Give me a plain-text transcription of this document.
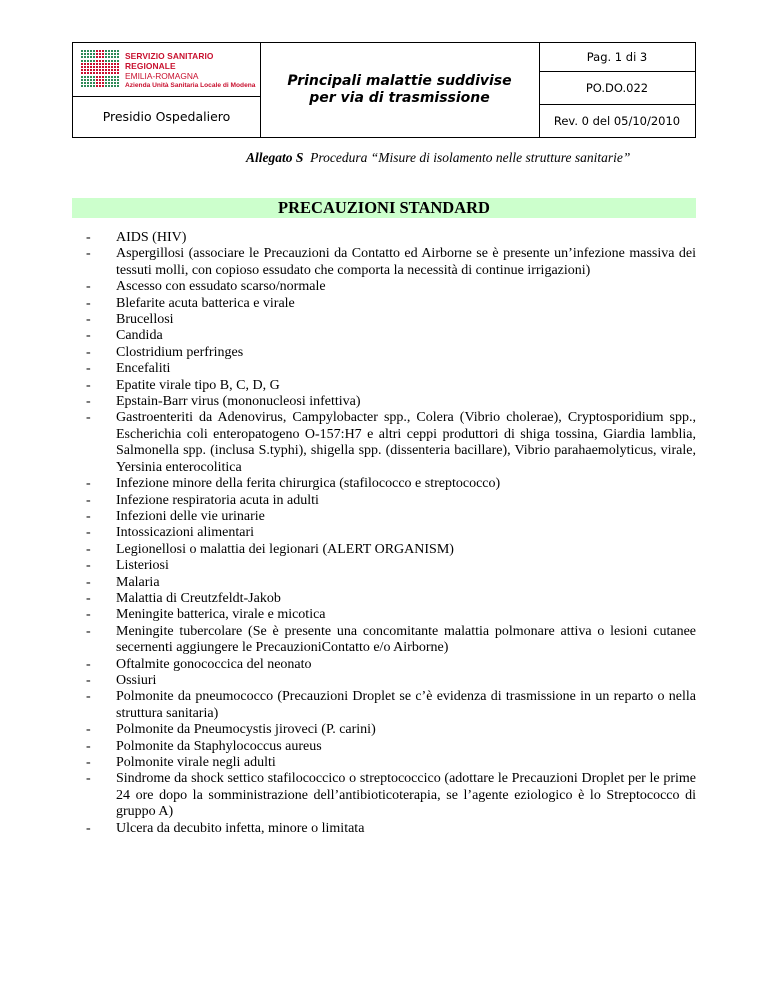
SERVIZIO SANITARIO REGIONALE
EMILIA-ROMAGNA
Azienda Unità Sanitaria Locale di Modena
Presidio Ospedaliero
Principali malattie suddivise per via di trasmissione
Pag. 1 di 3
PO.DO.022
Rev. 0 del 05/10/2010
Allegato S Procedura “Misure di isolamento nelle strutture sanitarie”
PRECAUZIONI STANDARD
- AIDS (HIV)
- Aspergillosi (associare le Precauzioni da Contatto ed Airborne se è presente un’infezione massiva dei tessuti molli, con copioso essudato che comporta la necessità di continue irrigazioni)
- Ascesso con essudato scarso/normale
- Blefarite acuta batterica e virale
- Brucellosi
- Candida
- Clostridium perfringes
- Encefaliti
- Epatite virale tipo B, C, D, G
- Epstain-Barr virus (mononucleosi infettiva)
- Gastroenteriti da Adenovirus, Campylobacter spp., Colera (Vibrio cholerae), Cryptosporidium spp., Escherichia coli enteropatogeno O-157:H7 e altri ceppi produttori di shiga tossina, Giardia lamblia, Salmonella spp. (inclusa S.typhi), shigella spp. (dissenteria bacillare), Vibrio parahaemolyticus, virale, Yersinia enterocolitica
- Infezione minore della ferita chirurgica (stafilococco e streptococco)
- Infezione respiratoria acuta in adulti
- Infezioni delle vie urinarie
- Intossicazioni alimentari
- Legionellosi o malattia dei legionari (ALERT ORGANISM)
- Listeriosi
- Malaria
- Malattia di Creutzfeldt-Jakob
- Meningite batterica, virale e micotica
- Meningite tubercolare (Se è presente una concomitante malattia polmonare attiva o lesioni cutanee secernenti aggiungere le PrecauzioniContatto e/o Airborne)
- Oftalmite gonococcica del neonato
- Ossiuri
- Polmonite da pneumococco (Precauzioni Droplet se c’è evidenza di trasmissione in un reparto o nella struttura sanitaria)
- Polmonite da Pneumocystis jiroveci (P. carini)
- Polmonite da Staphylococcus aureus
- Polmonite virale negli adulti
- Sindrome da shock settico stafilococcico o streptococcico (adottare le Precauzioni Droplet per le prime 24 ore dopo la somministrazione dell’antibioticoterapia, se l’agente eziologico è lo Streptococco di gruppo A)
- Ulcera da decubito infetta, minore o limitata
